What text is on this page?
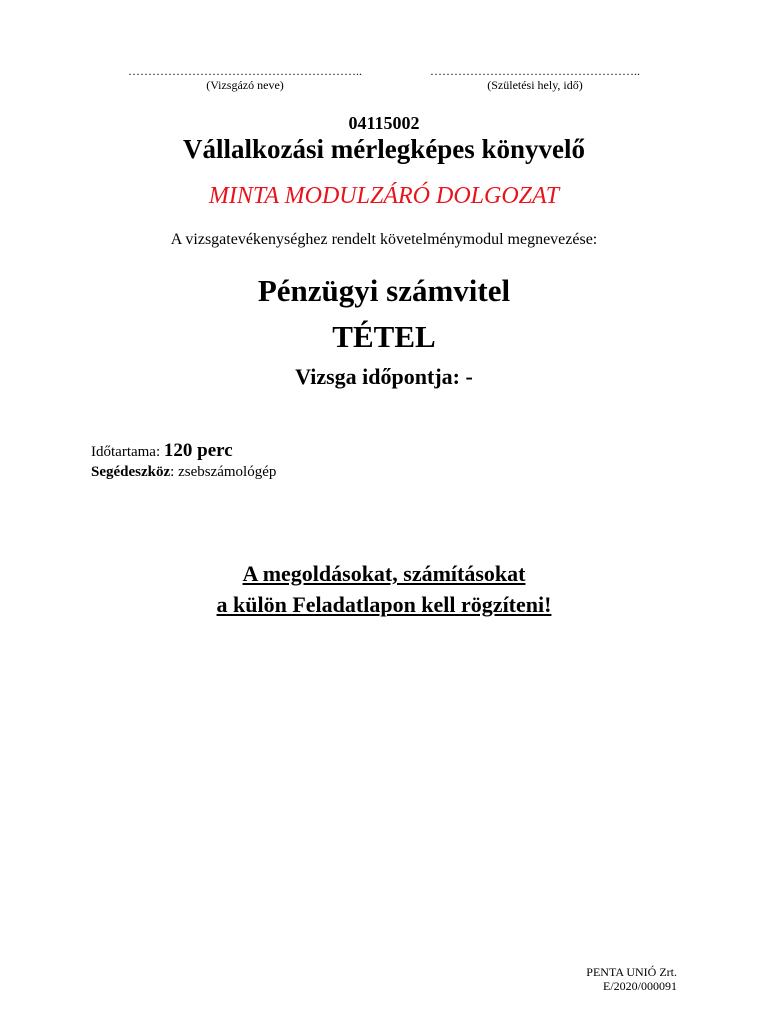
…………………………………………………..
(Vizsgázó neve)
……………………………………………..
(Születési hely, idő)
04115002
Vállalkozási mérlegképes könyvelő
MINTA MODULZÁRÓ DOLGOZAT
A vizsgatevékenységhez rendelt követelménymodul megnevezése:
Pénzügyi számvitel
TÉTEL
Vizsga időpontja: -
Időtartama: 120 perc
Segédeszköz: zsebszámológép
A megoldásokat, számításokat
a külön Feladatlapon kell rögzíteni!
PENTA UNIÓ Zrt.
E/2020/000091
